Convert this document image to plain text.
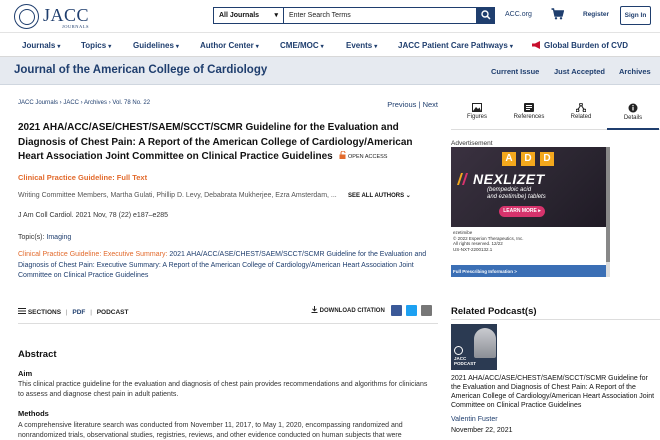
JACC
JOURNALS
All Journals ▾	Enter Search Terms	ACC.org	Register	Sign In
Journals ▾	Topics ▾	Guidelines ▾	Author Center ▾	CME/MOC ▾	Events ▾	JACC Patient Care Pathways ▾	Global Burden of CVD
Journal of the American College of Cardiology	Current Issue Just Accepted Archives
JACC Journals › JACC › Archives › Vol. 78 No. 22	Previous | Next
2021 AHA/ACC/ASE/CHEST/SAEM/SCCT/SCMR Guideline for the Evaluation and Diagnosis of Chest Pain: A Report of the American College of Cardiology/American Heart Association Joint Committee on Clinical Practice Guidelines	OPEN ACCESS
Clinical Practice Guideline: Full Text
Writing Committee Members, Martha Gulati, Phillip D. Levy, Debabrata Mukherjee, Ezra Amsterdam, ... SEE ALL AUTHORS ⌄
J Am Coll Cardiol. 2021 Nov, 78 (22) e187–e285
Topic(s): Imaging
Clinical Practice Guideline: Executive Summary: 2021 AHA/ACC/ASE/CHEST/SAEM/SCCT/SCMR Guideline for the Evaluation and Diagnosis of Chest Pain: Executive Summary: A Report of the American College of Cardiology/American Heart Association Joint Committee on Clinical Practice Guidelines
SECTIONS | PDF | PODCAST	DOWNLOAD CITATION
Abstract
Aim
This clinical practice guideline for the evaluation and diagnosis of chest pain provides recommendations and algorithms for clinicians to assess and diagnose chest pain in adult patients.
Methods
A comprehensive literature search was conducted from November 11, 2017, to May 1, 2020, encompassing randomized and nonrandomized trials, observational studies, registries, reviews, and other evidence conducted on human subjects that were
Figures	References	Related	Details
Advertisement
A	D	D
NEXLIZET
(bempedoic acid
and ezetimibe) tablets
LEARN MORE ▸
ezetimibe
© 2022 Esperion Therapeutics, Inc.
All rights reserved. 12/22
US-NXT-2200132.1
Full Prescribing Information >
Related Podcast(s)
JACC
PODCAST
2021 AHA/ACC/ASE/CHEST/SAEM/SCCT/SCMR Guideline for the Evaluation and Diagnosis of Chest Pain: A Report of the American College of Cardiology/American Heart Association Joint Committee on Clinical Practice Guidelines
Valentin Fuster
November 22, 2021
